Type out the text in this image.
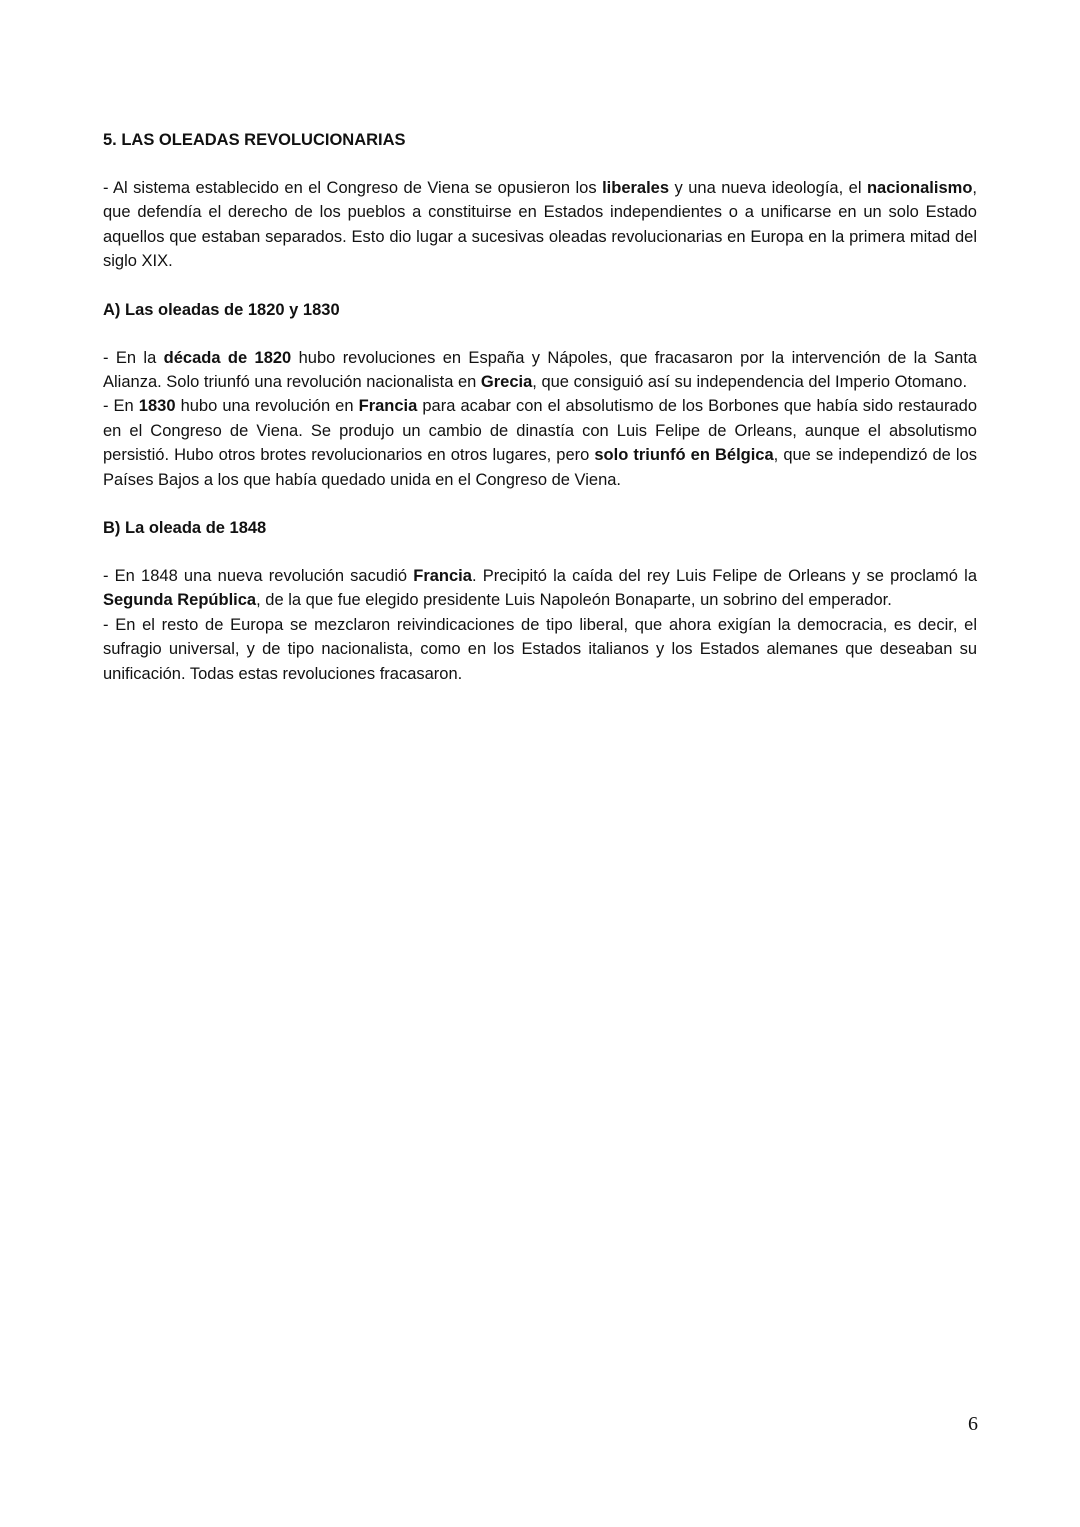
5. LAS OLEADAS REVOLUCIONARIAS

- Al sistema establecido en el Congreso de Viena se opusieron los liberales y una nueva ideología, el nacionalismo, que defendía el derecho de los pueblos a constituirse en Estados independientes o a unificarse en un solo Estado aquellos que estaban separados. Esto dio lugar a sucesivas oleadas revolucionarias en Europa en la primera mitad del siglo XIX.

A) Las oleadas de 1820 y 1830

- En la década de 1820 hubo revoluciones en España y Nápoles, que fracasaron por la intervención de la Santa Alianza. Solo triunfó una revolución nacionalista en Grecia, que consiguió así su independencia del Imperio Otomano.

- En 1830 hubo una revolución en Francia para acabar con el absolutismo de los Borbones que había sido restaurado en el Congreso de Viena. Se produjo un cambio de dinastía con Luis Felipe de Orleans, aunque el absolutismo persistió. Hubo otros brotes revolucionarios en otros lugares, pero solo triunfó en Bélgica, que se independizó de los Países Bajos a los que había quedado unida en el Congreso de Viena.

B) La oleada de 1848

- En 1848 una nueva revolución sacudió Francia. Precipitó la caída del rey Luis Felipe de Orleans y se proclamó la Segunda República, de la que fue elegido presidente Luis Napoleón Bonaparte, un sobrino del emperador.

- En el resto de Europa se mezclaron reivindicaciones de tipo liberal, que ahora exigían la democracia, es decir, el sufragio universal, y de tipo nacionalista, como en los Estados italianos y los Estados alemanes que deseaban su unificación. Todas estas revoluciones fracasaron.

6
